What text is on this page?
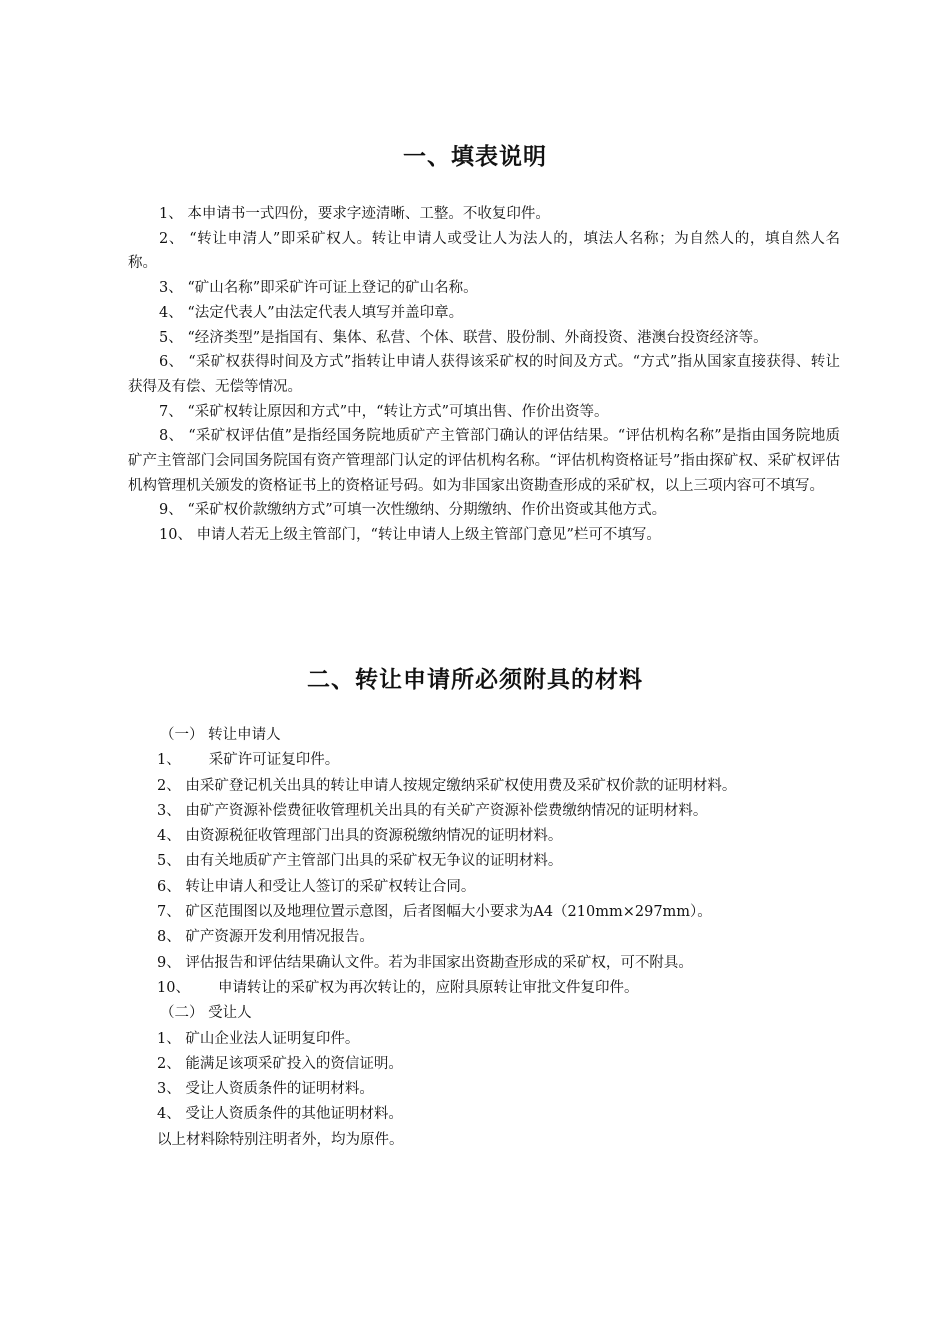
一、填表说明

1、 本申请书一式四份，要求字迹清晰、工整。不收复印件。

2、 “转让申清人”即采矿权人。转让申请人或受让人为法人的，填法人名称；为自然人的，填自然人名称。

3、 “矿山名称”即采矿许可证上登记的矿山名称。

4、 “法定代表人”由法定代表人填写并盖印章。

5、 “经济类型”是指国有、集体、私营、个体、联营、股份制、外商投资、港澳台投资经济等。

6、 “采矿权获得时间及方式”指转让申请人获得该采矿权的时间及方式。“方式”指从国家直接获得、转让获得及有偿、无偿等情况。

7、 “采矿权转让原因和方式”中，“转让方式”可填出售、作价出资等。

8、 “采矿权评估值”是指经国务院地质矿产主管部门确认的评估结果。“评估机构名称”是指由国务院地质矿产主管部门会同国务院国有资产管理部门认定的评估机构名称。“评估机构资格证号”指由探矿权、采矿权评估机构管理机关颁发的资格证书上的资格证号码。如为非国家出资勘查形成的采矿权，以上三项内容可不填写。

9、 “采矿权价款缴纳方式”可填一次性缴纳、分期缴纳、作价出资或其他方式。

10、 申请人若无上级主管部门，“转让申请人上级主管部门意见”栏可不填写。

二、转让申请所必须附具的材料
（一） 转让申请人
1、 采矿许可证复印件。
2、 由采矿登记机关出具的转让申请人按规定缴纳采矿权使用费及采矿权价款的证明材料。
3、 由矿产资源补偿费征收管理机关出具的有关矿产资源补偿费缴纳情况的证明材料。
4、 由资源税征收管理部门出具的资源税缴纳情况的证明材料。
5、 由有关地质矿产主管部门出具的采矿权无争议的证明材料。
6、 转让申请人和受让人签订的采矿权转让合同。
7、 矿区范围图以及地理位置示意图，后者图幅大小要求为A4（210mm×297mm）。
8、 矿产资源开发利用情况报告。
9、 评估报告和评估结果确认文件。若为非国家出资勘查形成的采矿权，可不附具。
10、 申请转让的采矿权为再次转让的，应附具原转让审批文件复印件。
（二） 受让人
1、 矿山企业法人证明复印件。
2、 能满足该项采矿投入的资信证明。
3、 受让人资质条件的证明材料。
4、 受让人资质条件的其他证明材料。
以上材料除特别注明者外，均为原件。
